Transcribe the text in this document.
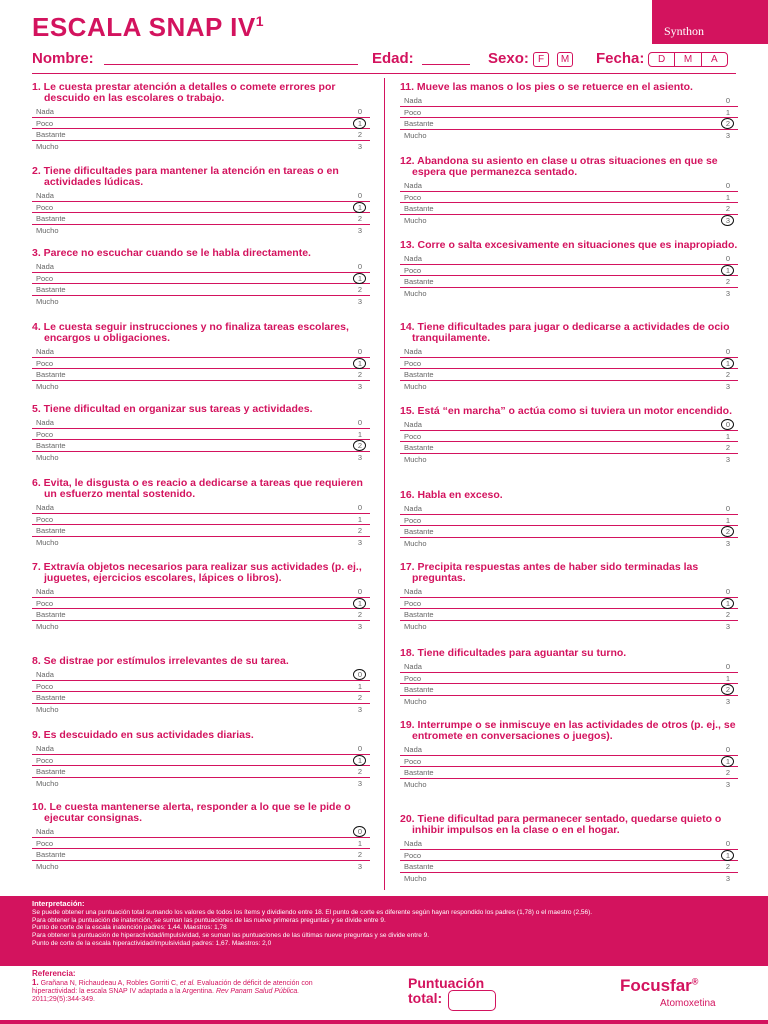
ESCALA SNAP $IV^1$
Synthon
Nombre:	Edad:	Sexo: F	M Fecha:	D	M	A
1. Le cuesta prestar atención a detalles o comete errores por descuido en las escolares o trabajo.
Nada	0
Poco	1
Bastante	2
Mucho	3
2. Tiene dificultades para mantener la atención en tareas o en actividades lúdicas.
Nada	0
Poco	1
Bastante	2
Mucho	3
3. Parece no escuchar cuando se le habla directamente.
Nada	0
Poco	1
Bastante	2
Mucho	3
4. Le cuesta seguir instrucciones y no finaliza tareas escolares, encargos u obligaciones.
Nada	0
Poco	1
Bastante	2
Mucho	3
5. Tiene dificultad en organizar sus tareas y actividades.
Nada	0
Poco	1
Bastante	2
Mucho	3
6. Evita, le disgusta o es reacio a dedicarse a tareas que requieren un esfuerzo mental sostenido.
Nada	0
Poco	1
Bastante	2
Mucho	3
7. Extravía objetos necesarios para realizar sus actividades (p. ej., juguetes, ejercicios escolares, lápices o libros).
Nada	0
Poco	1
Bastante	2
Mucho	3
8. Se distrae por estímulos irrelevantes de su tarea.
Nada	0
Poco	1
Bastante	2
Mucho	3
9. Es descuidado en sus actividades diarias.
Nada	0
Poco	1
Bastante	2
Mucho	3
10. Le cuesta mantenerse alerta, responder a lo que se le pide o ejecutar consignas.
Nada	0
Poco	1
Bastante	2
Mucho	3
11. Mueve las manos o los pies o se retuerce en el asiento.
Nada	0
Poco	1
Bastante	2
Mucho	3
12. Abandona su asiento en clase u otras situaciones en que se espera que permanezca sentado.
Nada	0
Poco	1
Bastante	2
Mucho	3
13. Corre o salta excesivamente en situaciones que es inapropiado.
Nada	0
Poco	1
Bastante	2
Mucho	3
14. Tiene dificultades para jugar o dedicarse a actividades de ocio tranquilamente.
Nada	0
Poco	1
Bastante	2
Mucho	3
15. Está “en marcha” o actúa como si tuviera un motor encendido.
Nada	0
Poco	1
Bastante	2
Mucho	3
16. Habla en exceso.
Nada	0
Poco	1
Bastante	2
Mucho	3
17. Precipita respuestas antes de haber sido terminadas las preguntas.
Nada	0
Poco	1
Bastante	2
Mucho	3
18. Tiene dificultades para aguantar su turno.
Nada	0
Poco	1
Bastante	2
Mucho	3
19. Interrumpe o se inmiscuye en las actividades de otros (p. ej., se entromete en conversaciones o juegos).
Nada	0
Poco	1
Bastante	2
Mucho	3
20. Tiene dificultad para permanecer sentado, quedarse quieto o inhibir impulsos en la clase o en el hogar.
Nada	0
Poco	1
Bastante	2
Mucho	3
Interpretación:
Se puede obtener una puntuación total sumando los valores de todos los ítems y dividiendo entre 18. El punto de corte es diferente según hayan respondido los padres (1,78) o el maestro (2,56).
Para obtener la puntuación de inatención, se suman las puntuaciones de las nueve primeras preguntas y se divide entre 9.
Punto de corte de la escala inatención padres: 1,44. Maestros: 1,78
Para obtener la puntuación de hiperactividad/impulsividad, se suman las puntuaciones de las últimas nueve preguntas y se divide entre 9.
Punto de corte de la escala hiperactividad/impulsividad padres: 1,67. Maestros: 2,0
Referencia:
1. Grañana N, Richaudeau A, Robles Gorriti C, et al. Evaluación de déficit de atención con hiperactividad: la escala SNAP IV adaptada a la Argentina. Rev Panam Salud Pública. 2011;29(5):344-349.
Puntuación
total:
Focusfar®
Atomoxetina
